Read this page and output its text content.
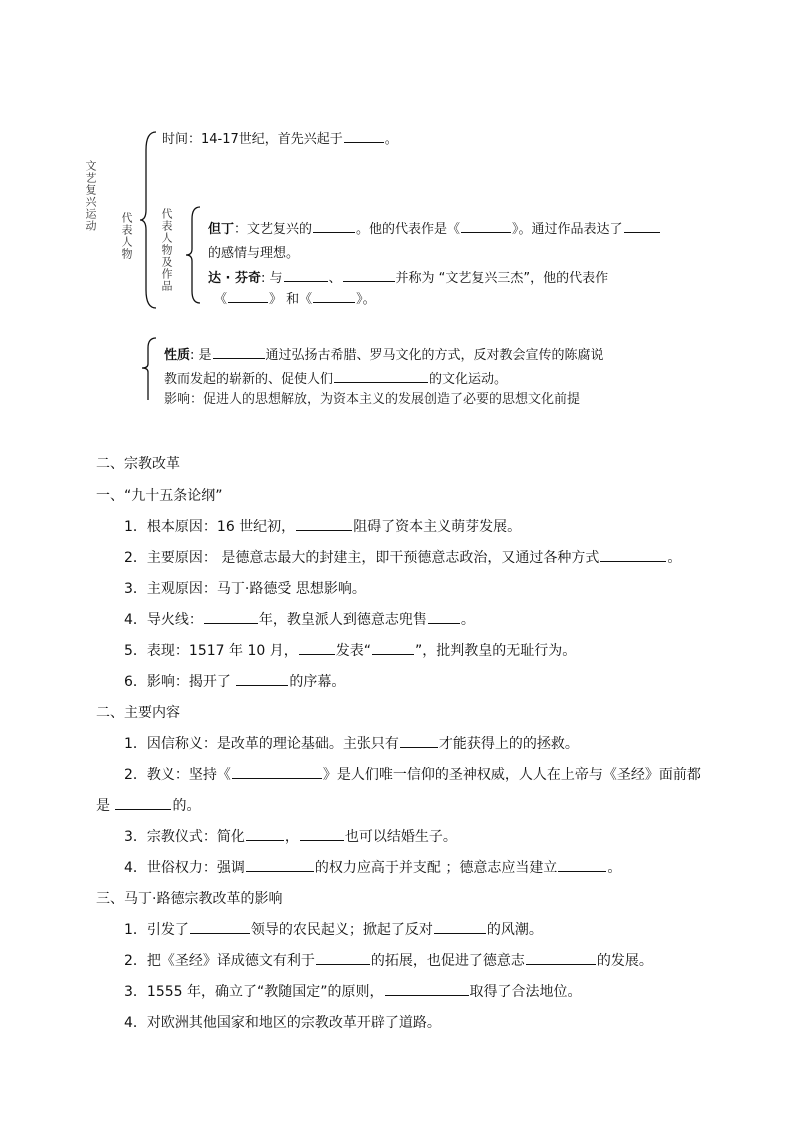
文艺复兴运动
代表人物 代表人物及作品
时间：14-17世纪，首先兴起于	。
但丁：文艺复兴的	。他的代表作是《	》。通过作品表达了
的感情与理想。
达 · 芬奇: 与	、	并称为 “文艺复兴三杰”，他的代表作
《	》 和《	》。
性质: 是	通过弘扬古希腊、罗马文化的方式，反对教会宣传的陈腐说
教而发起的崭新的、促使人们	的文化运动。
影响：促进人的思想解放，为资本主义的发展创造了必要的思想文化前提
二、宗教改革
一、“九十五条论纲”
1．根本原因：16 世纪初，	阻碍了资本主义萌芽发展。
2．主要原因： 是德意志最大的封建主，即干预德意志政治，又通过各种方式	。
3．主观原因：马丁·路德受 思想影响。
4．导火线：	年，教皇派人到德意志兜售 。
5．表现：1517 年 10 月，	发表“	”，批判教皇的无耻行为。
6．影响：揭开了	的序幕。
二、主要内容
1．因信称义：是改革的理论基础。主张只有	才能获得上的的拯救。
2．教义：坚持《	》是人们唯一信仰的圣神权威，人人在上帝与《圣经》面前都
是	的。
3．宗教仪式：简化	，	也可以结婚生子。
4．世俗权力：强调	的权力应高于并支配 ；德意志应当建立	。
三、马丁·路德宗教改革的影响
1．引发了	领导的农民起义；掀起了反对	的风潮。
2．把《圣经》译成德文有利于	的拓展，也促进了德意志	的发展。
3．1555 年，确立了“教随国定”的原则，	取得了合法地位。
4．对欧洲其他国家和地区的宗教改革开辟了道路。
